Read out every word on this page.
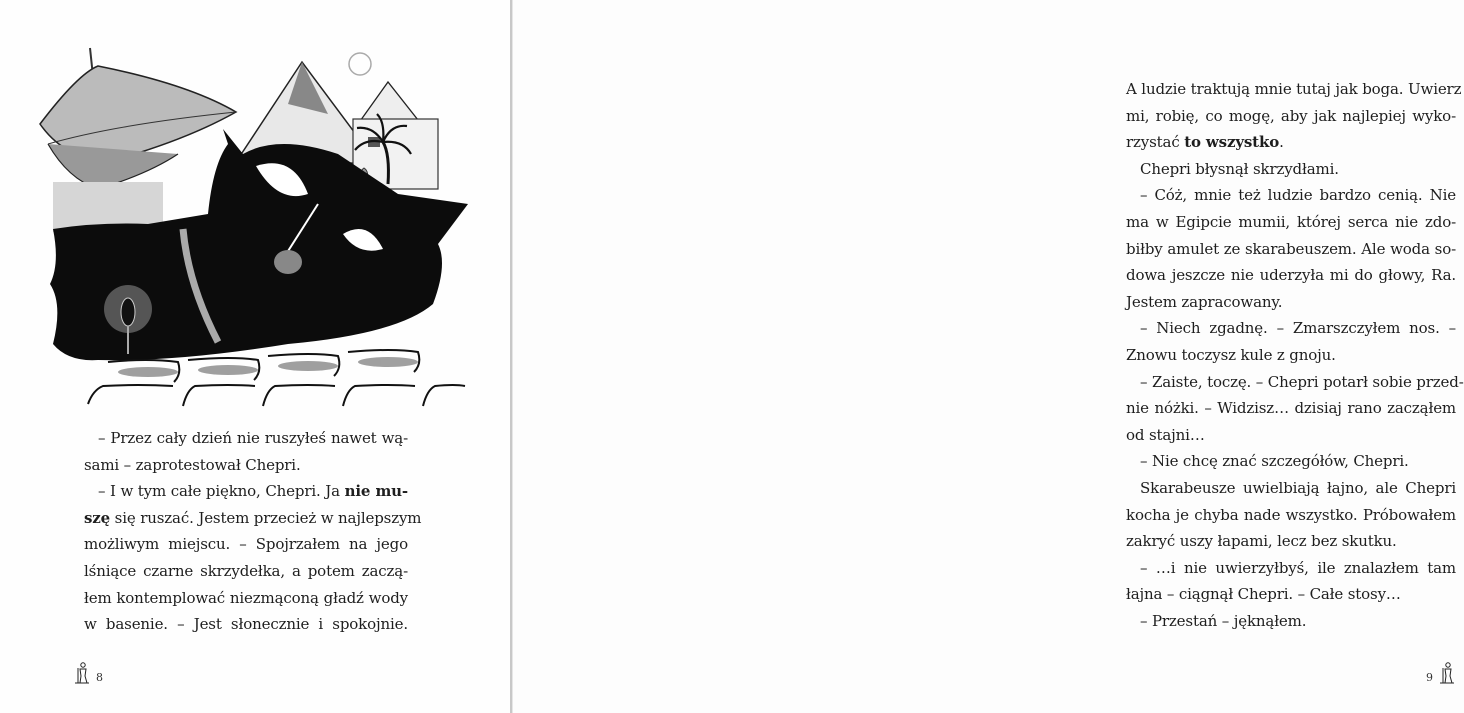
– Przez cały dzień nie ruszyłeś nawet wą-
sami – zaprotestował Chepri.
– I w tym całe piękno, Chepri. Ja nie mu-
szę się ruszać. Jestem przecież w najlepszym
możliwym miejscu. – Spojrzałem na jego
lśniące czarne skrzydełka, a potem zaczą-
łem kontemplować niezmąconą gładź wody
w basenie. – Jest słonecznie i spokojnie.
8
A ludzie traktują mnie tutaj jak boga. Uwierz
mi, robię, co mogę, aby jak najlepiej wyko-
rzystać to wszystko.
Chepri błysnął skrzydłami.
– Cóż, mnie też ludzie bardzo cenią. Nie
ma w Egipcie mumii, której serca nie zdo-
biłby amulet ze skarabeuszem. Ale woda so-
dowa jeszcze nie uderzyła mi do głowy, Ra.
Jestem zapracowany.
– Niech zgadnę. – Zmarszczyłem nos. –
Znowu toczysz kule z gnoju.
– Zaiste, toczę. – Chepri potarł sobie przed-
nie nóżki. – Widzisz… dzisiaj rano zacząłem
od stajni…
– Nie chcę znać szczegółów, Chepri.
Skarabeusze uwielbiają łajno, ale Chepri
kocha je chyba nade wszystko. Próbowałem
zakryć uszy łapami, lecz bez skutku.
– …i nie uwierzyłbyś, ile znalazłem tam
łajna – ciągnął Chepri. – Całe stosy…
– Przestań – jęknąłem.
9
